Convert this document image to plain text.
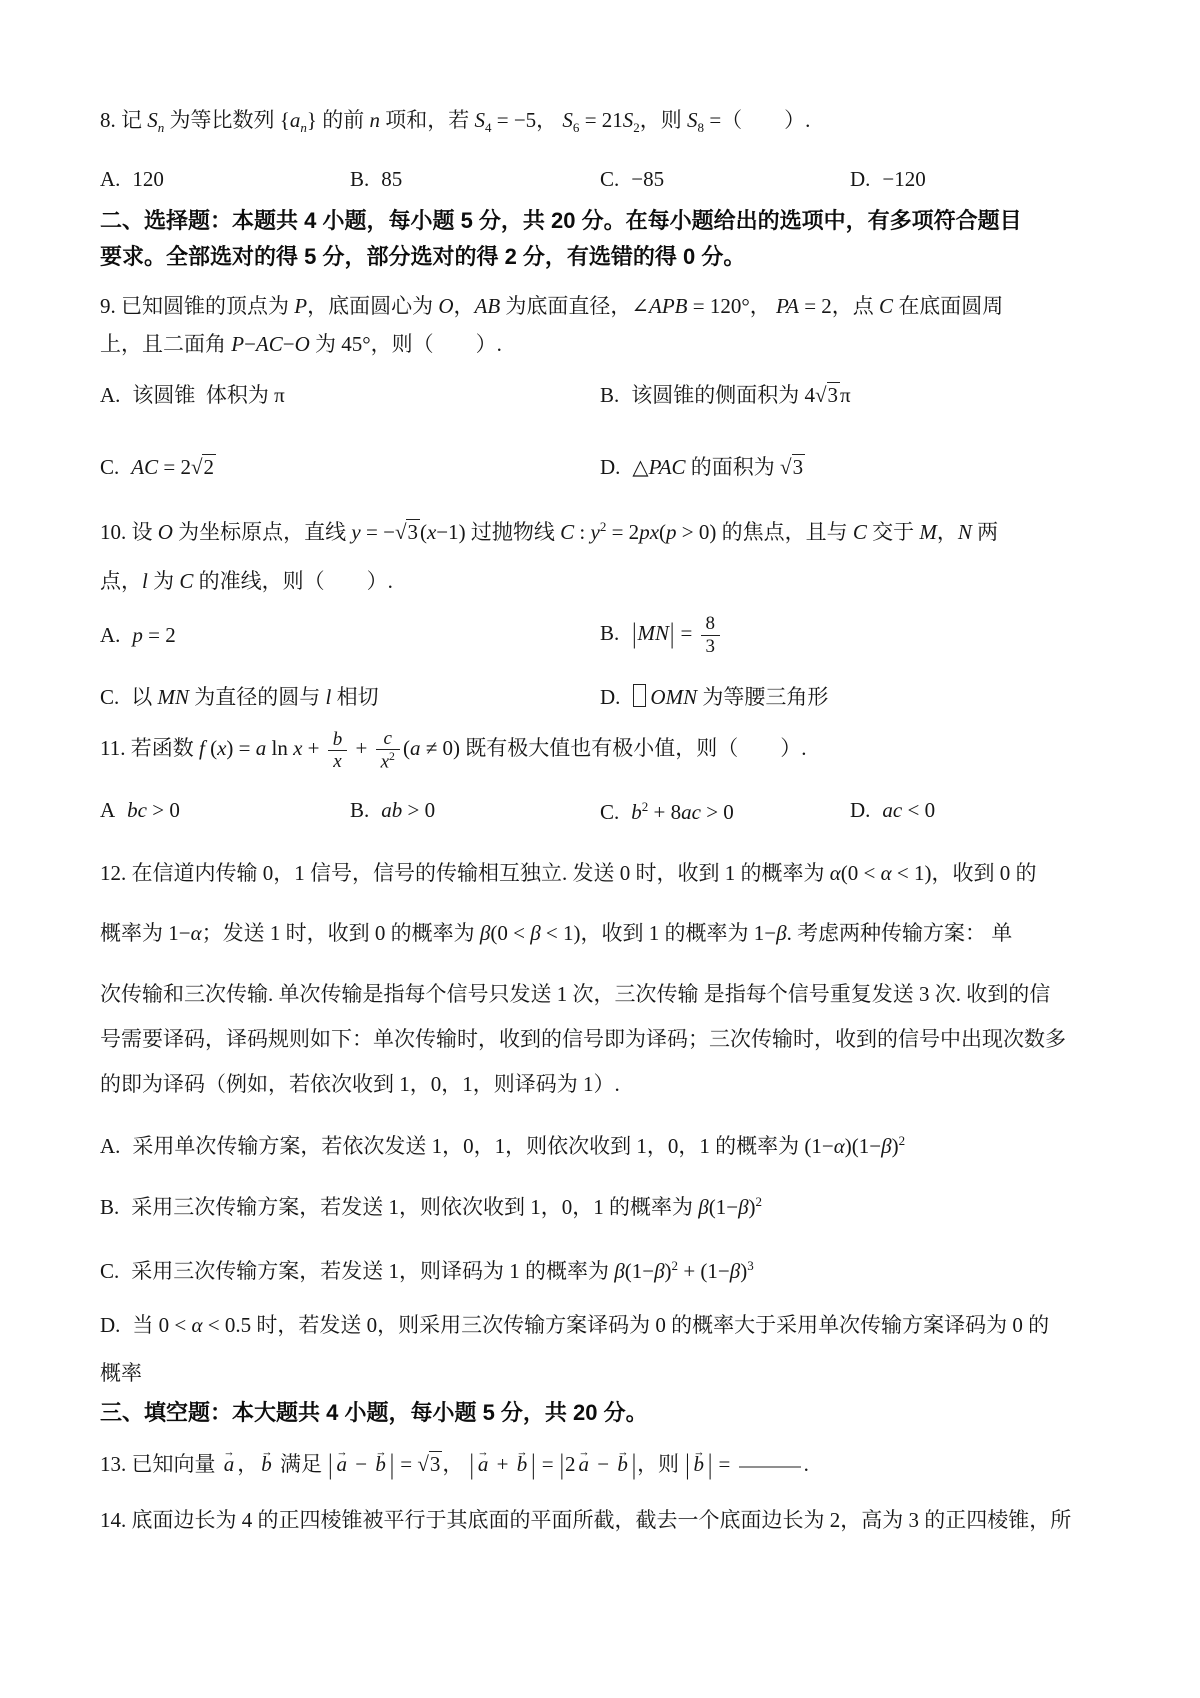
8. 记 $S_n$ 为等比数列 $\{a_n\}$ 的前 n 项和，若 $S_4 = -5$， $S_6 = 21S_2$，则 $S_8$ =（　　）.
A. 120	B. 85	C. −85	D. −120
二、选择题：本题共 4 小题，每小题 5 分，共 20 分。在每小题给出的选项中，有多项符合题目
要求。全部选对的得 5 分，部分选对的得 2 分，有选错的得 0 分。
9. 已知圆锥的顶点为 P，底面圆心为 O，AB 为底面直径，∠APB = 120°， PA = 2，点 C 在底面圆周
上，且二面角 P−AC−O 为 45°，则（　　）.
A. 该圆锥  体积为 π	B. 该圆锥的侧面积为 4√3π
C. AC = 2√2	D. △PAC 的面积为 √3
10. 设 O 为坐标原点，直线 y = −√3(x−1) 过抛物线 C : $y^2 = 2px(p > 0)$ 的焦点，且与 C 交于 M，N 两
点，l 为 C 的准线，则（　　）.
A. p = 2	B. $|MN| = \frac{8}{3}$
C. 以 MN 为直径的圆与 l 相切	D. OMN 为等腰三角形
11. 若函数 f (x) = a $\ln x + \frac{b}{x} + \frac{c}{x^2} (a \ne 0)$ 既有极大值也有极小值，则（　　）.
A bc > 0	B. ab > 0	C. $b^2 + 8ac > 0$	D. ac < 0
12. 在信道内传输 0，1 信号，信号的传输相互独立. 发送 0 时，收到 1 的概率为 α(0 < α < 1)，收到 0 的
概率为 1−α；发送 1 时，收到 0 的概率为 β(0 < β < 1)，收到 1 的概率为 1−β. 考虑两种传输方案： 单
次传输和三次传输. 单次传输是指每个信号只发送 1 次，三次传输 是指每个信号重复发送 3 次. 收到的信
号需要译码，译码规则如下：单次传输时，收到的信号即为译码；三次传输时，收到的信号中出现次数多
的即为译码（例如，若依次收到 1，0，1，则译码为 1）.
A. 采用单次传输方案，若依次发送 1，0，1，则依次收到 1，0，1 的概率为 $(1-\alpha)(1-\beta)^2$
B. 采用三次传输方案，若发送 1，则依次收到 1，0，1 的概率为 $\beta(1-\beta)^2$
C. 采用三次传输方案，若发送 1，则译码为 1 的概率为 $\beta(1-\beta)^2 + (1-\beta)^3$
D. 当 0 < α < 0.5 时，若发送 0，则采用三次传输方案译码为 0 的概率大于采用单次传输方案译码为 0 的
概率
三、填空题：本大题共 4 小题，每小题 5 分，共 20 分。
13. 已知向量 → a ， → b 满足 | → a − → b | = √3， | → a + → b | = |2 → a − → b |，则 | → b | =	.
14. 底面边长为 4 的正四棱锥被平行于其底面的平面所截，截去一个底面边长为 2，高为 3 的正四棱锥，所
